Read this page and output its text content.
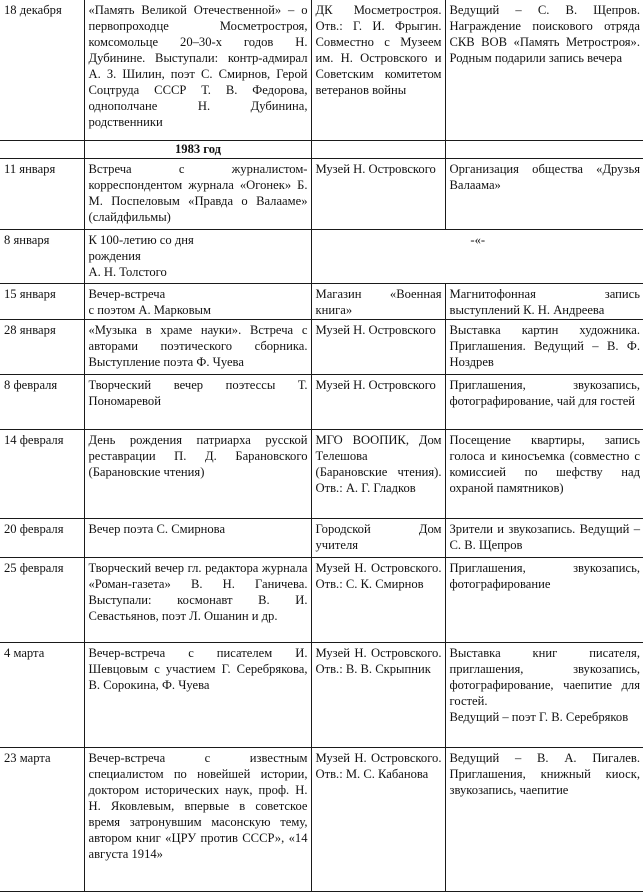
18 декабря	«Память Великой Отечественной» – о первопроходце Мосметростроя, комсомольце 20–30-х годов Н. Дубинине. Выступали: контр-адмирал А. З. Шилин, поэт С. Смирнов, Герой Соцтруда СССР Т. В. Федорова, однополчане Н. Дубинина, родственники	ДК Мосметростроя. Отв.: Г. И. Фрыгин. Совместно с Музеем им. Н. Островского и Советским комитетом ветеранов войны	Ведущий – С. В. Щепров. Награждение поискового отряда СКВ ВОВ «Память Метростроя». Родным подарили запись вечера
	1983 год		
11 января	Встреча с журналистом-корреспондентом журнала «Огонек» Б. М. Поспеловым «Правда о Валааме» (слайдфильмы)	Музей Н. Островского	Организация общества «Друзья Валаама»
8 января	К 100-летию со дня
рождения
А. Н. Толстого	-«-	
15 января	Вечер-встреча
с поэтом А. Марковым	Магазин «Военная книга»	Магнитофонная запись выступлений К. Н. Андреева
28 января	«Музыка в храме науки». Встреча с авторами поэтического сборника. Выступление поэта Ф. Чуева	Музей Н. Островского	Выставка картин художника. Приглашения. Ведущий – В. Ф. Ноздрев
8 февраля	Творческий вечер поэтессы Т. Пономаревой	Музей Н. Островского	Приглашения, звукозапись, фотографирование, чай для гостей
14 февраля	День рождения патриарха русской реставрации П. Д. Барановского (Барановские чтения)	МГО ВООПИК, Дом Телешова (Барановские чтения). Отв.: А. Г. Гладков	Посещение квартиры, запись голоса и киносъемка (совместно с комиссией по шефству над охраной памятников)
20 февраля	Вечер поэта С. Смирнова	Городской Дом учителя	Зрители и звукозапись. Ведущий – С. В. Щепров
25 февраля	Творческий вечер гл. редактора журнала «Роман-газета» В. Н. Ганичева. Выступали: космонавт В. И. Севастьянов, поэт Л. Ошанин и др.	Музей Н. Островского. Отв.: С. К. Смирнов	Приглашения, звукозапись, фотографирование
4 марта	Вечер-встреча с писателем И. Шевцовым с участием Г. Серебрякова, В. Сорокина, Ф. Чуева	Музей Н. Островского. Отв.: В. В. Скрыпник	Выставка книг писателя, приглашения, звукозапись, фотографирование, чаепитие для гостей.
Ведущий – поэт Г. В. Серебряков

23 марта	Вечер-встреча с известным специалистом по новейшей истории, доктором исторических наук, проф. Н. Н. Яковлевым, впервые в советское время затронувшим масонскую тему, автором книг «ЦРУ против СССР», «14 августа 1914»	Музей Н. Островского. Отв.: М. С. Кабанова	Ведущий – В. А. Пигалев. Приглашения, книжный киоск, звукозапись, чаепитие
